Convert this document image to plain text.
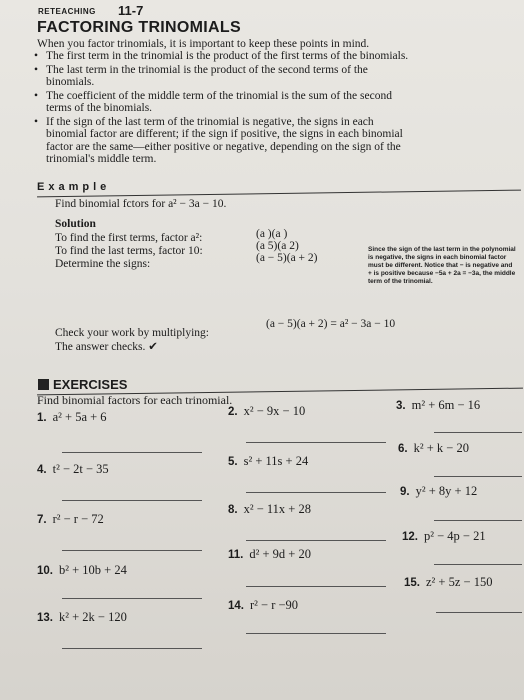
RETEACHING 11-7
FACTORING TRINOMIALS
When you factor trinomials, it is important to keep these points in mind.
• The first term in the trinomial is the product of the first terms of the binomials.
• The last term in the trinomial is the product of the second terms of the binomials.
• The coefficient of the middle term of the trinomial is the sum of the second terms of the binomials.
• If the sign of the last term of the trinomial is negative, the signs in each binomial factor are different; if the sign if positive, the signs in each binomial factor are the same—either positive or negative, depending on the sign of the trinomial's middle term.
Example
Find binomial fctors for a² − 3a − 10.
Solution
To find the first terms, factor a²:	(a )(a )
To find the last terms, factor 10:	(a 5)(a 2)
Determine the signs:	(a − 5)(a + 2)
Since the sign of the last term in the polynomial is negative, the signs in each binomial factor must be different. Notice that − is negative and + is positive because −5a + 2a = −3a, the middle term of the trinomial.
Check your work by multiplying:
(a − 5)(a + 2) = a² − 3a − 10
The answer checks. ✔
EXERCISES
Find binomial factors for each trinomial.
1. a² + 5a + 6
4. t² − 2t − 35
7. r² − r − 72
10. b² + 10b + 24
13. k² + 2k − 120
2. x² − 9x − 10
5. s² + 11s + 24
8. x² − 11x + 28
11. d² + 9d + 20
14. r² − r −90
3. m² + 6m − 16
6. k² + k − 20
9. y² + 8y + 12
12. p² − 4p − 21
15. z² + 5z − 150
